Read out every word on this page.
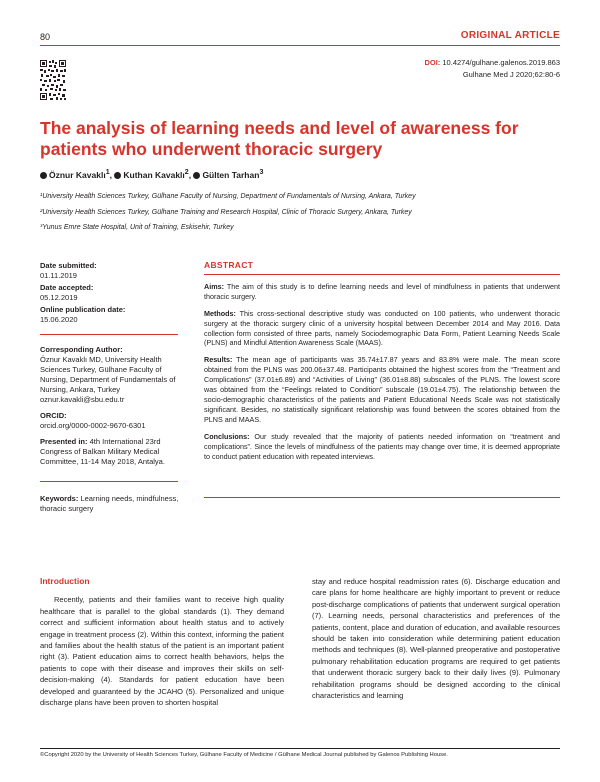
80	ORIGINAL ARTICLE
DOI: 10.4274/gulhane.galenos.2019.863
Gulhane Med J 2020;62:80-6
The analysis of learning needs and level of awareness for patients who underwent thoracic surgery
Öznur Kavaklı$^1$, Kuthan Kavaklı$^2$, Gülten Tarhan$^3$
¹University Health Sciences Turkey, Gülhane Faculty of Nursing, Department of Fundamentals of Nursing, Ankara, Turkey
²University Health Sciences Turkey, Gülhane Training and Research Hospital, Clinic of Thoracic Surgery, Ankara, Turkey
³Yunus Emre State Hospital, Unit of Training, Eskisehir, Turkey
Date submitted:
01.11.2019
Date accepted:
05.12.2019
Online publication date:
15.06.2020
Corresponding Author:
Öznur Kavaklı MD, University Health Sciences Turkey, Gülhane Faculty of Nursing, Department of Fundamentals of Nursing, Ankara, Turkey
oznur.kavakli@sbu.edu.tr
ORCID:
orcid.org/0000-0002-9670-6301
Presented in: 4th International 23rd Congress of Balkan Military Medical Committee, 11-14 May 2018, Antalya.
Keywords: Learning needs, mindfulness, thoracic surgery
ABSTRACT

Aims: The aim of this study is to define learning needs and level of mindfulness in patients that underwent thoracic surgery.

Methods: This cross-sectional descriptive study was conducted on 100 patients, who underwent thoracic surgery at the thoracic surgery clinic of a university hospital between December 2014 and May 2016. Data collection form consisted of three parts, namely Sociodemographic Data Form, Patient Learning Needs Scale (PLNS) and Mindful Attention Awareness Scale (MAAS).

Results: The mean age of participants was 35.74±17.87 years and 83.8% were male. The mean score obtained from the PLNS was 200.06±37.48. Participants obtained the highest scores from the “Treatment and Complications” (37.01±6.89) and “Activities of Living” (36.01±8.88) subscales of the PLNS. The lowest score was obtained from the “Feelings related to Condition” subscale (19.01±4.75). The relationship between the socio-demographic characteristics of the patients and Patient Educational Needs Scale was not statistically significant. Besides, no statistically significant relationship was found between the scores obtained from the PLNS and MAAS.

Conclusions: Our study revealed that the majority of patients needed information on “treatment and complications”. Since the levels of mindfulness of the patients may change over time, it is deemed appropriate to conduct patient education with repeated interviews.

Introduction

Recently, patients and their families want to receive high quality healthcare that is parallel to the global standards (1). They demand correct and sufficient information about health status and to actively engage in treatment process (2). Within this context, informing the patient and families about the health status of the patient is an important patient right (3). Patient education aims to correct health behaviors, helps the patients to cope with their disease and improves their skills on self-decision-making (4). Standards for patient education have been developed and guaranteed by the JCAHO (5). Personalized and unique discharge plans have been proven to shorten hospital

stay and reduce hospital readmission rates (6). Discharge education and care plans for home healthcare are highly important to prevent or reduce post-discharge complications of patients that underwent surgical operation (7). Learning needs, personal characteristics and preferences of the patients, content, place and duration of education, and available resources should be taken into consideration while determining patient education methods and techniques (8). Well-planned preoperative and postoperative pulmonary rehabilitation education programs are required to get patients that underwent thoracic surgery back to their daily lives (9). Pulmonary rehabilitation programs should be designed according to the clinical characteristics and learning
©Copyright 2020 by the University of Health Sciences Turkey, Gülhane Faculty of Medicine / Gülhane Medical Journal published by Galenos Publishing House.
